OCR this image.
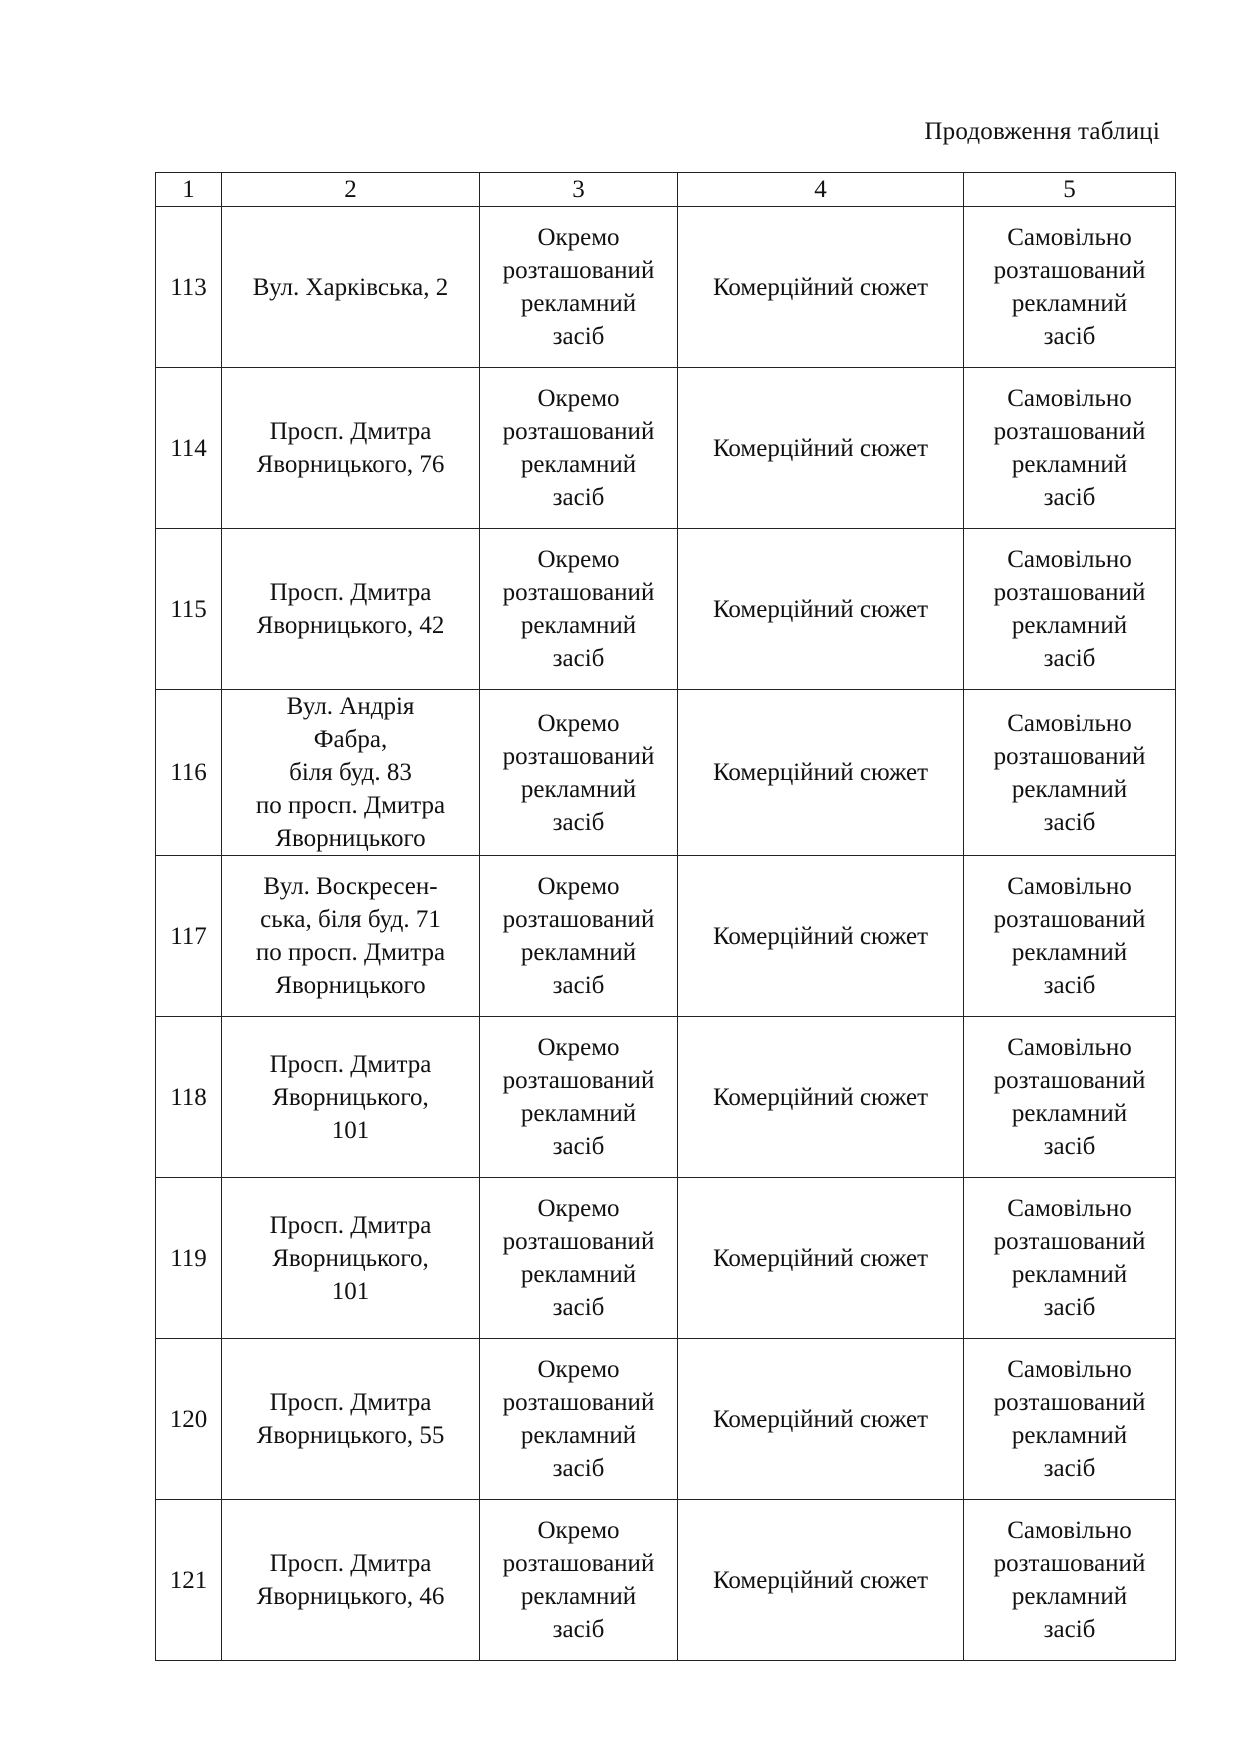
Продовження таблиці
1	2	3	4	5

113	Вул. Харківська, 2	Окремо
розташований
рекламний
засіб	Комерційний сюжет	Самовільно
розташований
рекламний
засіб

114	Просп. Дмитра
Яворницького, 76	Окремо
розташований
рекламний
засіб	Комерційний сюжет	Самовільно
розташований
рекламний
засіб

115	Просп. Дмитра
Яворницького, 42	Окремо
розташований
рекламний
засіб	Комерційний сюжет	Самовільно
розташований
рекламний
засіб

116	Вул. Андрія
Фабра,
біля буд. 83
по просп. Дмитра
Яворницького	Окремо
розташований
рекламний
засіб	Комерційний сюжет	Самовільно
розташований
рекламний
засіб

117	Вул. Воскресен-
ська, біля буд. 71
по просп. Дмитра
Яворницького	Окремо
розташований
рекламний
засіб	Комерційний сюжет	Самовільно
розташований
рекламний
засіб

118	Просп. Дмитра
Яворницького,
101	Окремо
розташований
рекламний
засіб	Комерційний сюжет	Самовільно
розташований
рекламний
засіб

119	Просп. Дмитра
Яворницького,
101	Окремо
розташований
рекламний
засіб	Комерційний сюжет	Самовільно
розташований
рекламний
засіб

120	Просп. Дмитра
Яворницького, 55	Окремо
розташований
рекламний
засіб	Комерційний сюжет	Самовільно
розташований
рекламний
засіб

121	Просп. Дмитра
Яворницького, 46	Окремо
розташований
рекламний
засіб	Комерційний сюжет	Самовільно
розташований
рекламний
засіб
